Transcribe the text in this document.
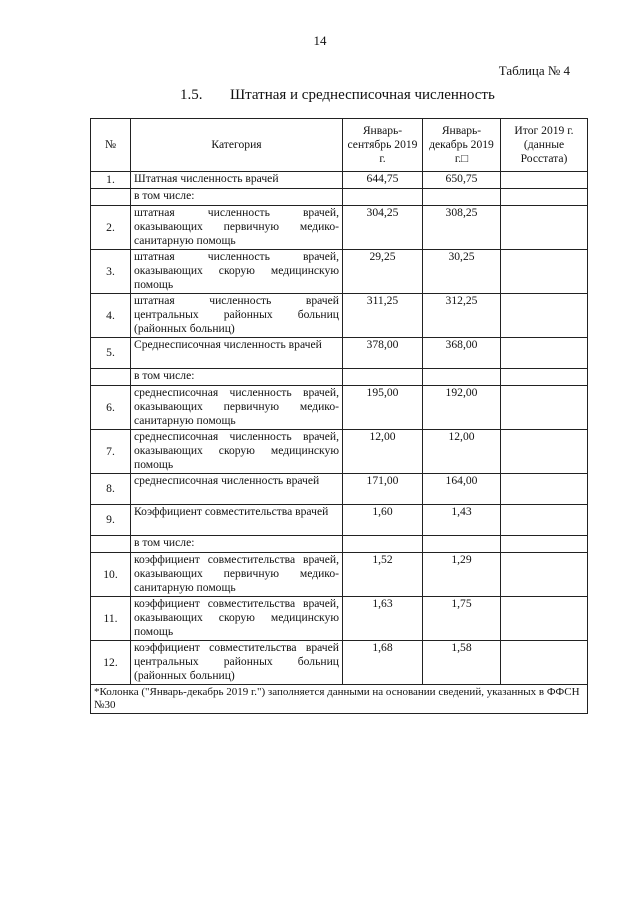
14
Таблица № 4
1.5. Штатная и среднесписочная численность
№	Категория	Январь-сентябрь 2019 г.	Январь-декабрь 2019 г.□	Итог 2019 г. (данные Росстата)
1.	Штатная численность врачей	644,75	650,75	
	в том числе:			
2.	штатная численность врачей, оказывающих первичную медико-санитарную помощь	304,25	308,25	
3.	штатная численность врачей, оказывающих скорую медицинскую помощь	29,25	30,25	
4.	штатная численность врачей центральных районных больниц (районных больниц)	311,25	312,25	
5.	Среднесписочная численность врачей	378,00	368,00	
	в том числе:			
6.	среднесписочная численность врачей, оказывающих первичную медико-санитарную помощь	195,00	192,00	
7.	среднесписочная численность врачей, оказывающих скорую медицинскую помощь	12,00	12,00	
8.	среднесписочная численность врачей	171,00	164,00	
9.	Коэффициент совместительства врачей	1,60	1,43	
	в том числе:			
10.	коэффициент совместительства врачей, оказывающих первичную медико-санитарную помощь	1,52	1,29	
11.	коэффициент совместительства врачей, оказывающих скорую медицинскую помощь	1,63	1,75	
12.	коэффициент совместительства врачей центральных районных больниц (районных больниц)	1,68	1,58	
*Колонка ("Январь-декабрь 2019 г.") заполняется данными на основании сведений, указанных в ФФСН №30				
